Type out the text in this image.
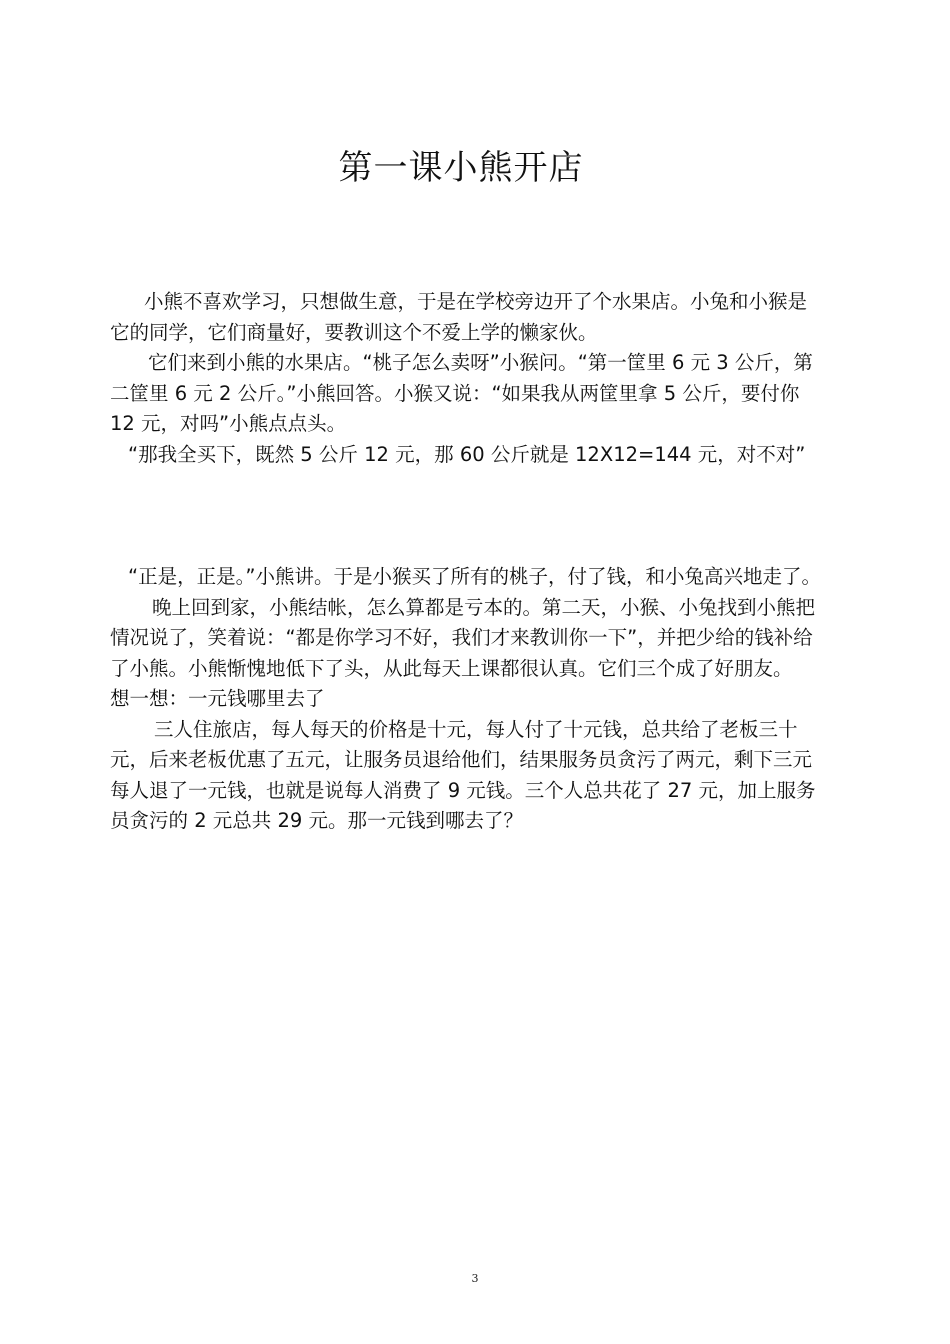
第一课小熊开店

小熊不喜欢学习，只想做生意，于是在学校旁边开了个水果店。小兔和小猴是它的同学，它们商量好，要教训这个不爱上学的懒家伙。

它们来到小熊的水果店。“桃子怎么卖呀”小猴问。“第一筐里 6 元 3 公斤，第二筐里 6 元 2 公斤。”小熊回答。小猴又说：“如果我从两筐里拿 5 公斤，要付你 12 元，对吗”小熊点点头。

“那我全买下，既然 5 公斤 12 元，那 60 公斤就是 12X12=144 元，对不对”

“正是，正是。”小熊讲。于是小猴买了所有的桃子，付了钱，和小兔高兴地走了。

晚上回到家，小熊结帐，怎么算都是亏本的。第二天，小猴、小兔找到小熊把情况说了，笑着说：“都是你学习不好，我们才来教训你一下”，并把少给的钱补给了小熊。小熊惭愧地低下了头，从此每天上课都很认真。它们三个成了好朋友。

想一想：一元钱哪里去了

三人住旅店，每人每天的价格是十元，每人付了十元钱，总共给了老板三十元，后来老板优惠了五元，让服务员退给他们，结果服务员贪污了两元，剩下三元每人退了一元钱，也就是说每人消费了 9 元钱。三个人总共花了 27 元，加上服务员贪污的 2 元总共 29 元。那一元钱到哪去了？

3
